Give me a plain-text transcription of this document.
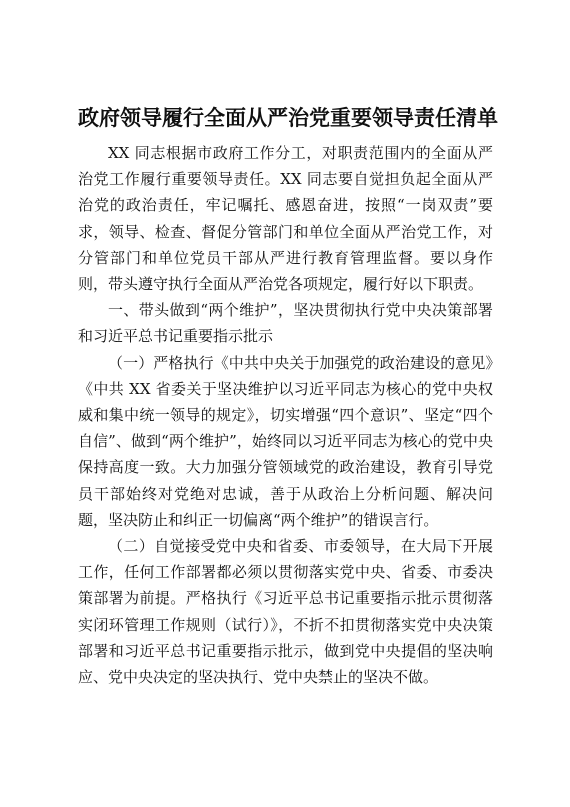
政府领导履行全面从严治党重要领导责任清单

XX 同志根据市政府工作分工，对职责范围内的全面从严治党工作履行重要领导责任。XX 同志要自觉担负起全面从严治党的政治责任，牢记嘱托、感恩奋进，按照“一岗双责”要求，领导、检查、督促分管部门和单位全面从严治党工作，对分管部门和单位党员干部从严进行教育管理监督。要以身作则，带头遵守执行全面从严治党各项规定，履行好以下职责。

一、带头做到“两个维护”，坚决贯彻执行党中央决策部署和习近平总书记重要指示批示

（一）严格执行《中共中央关于加强党的政治建设的意见》《中共 XX 省委关于坚决维护以习近平同志为核心的党中央权威和集中统一领导的规定》，切实增强“四个意识”、坚定“四个自信”、做到“两个维护”，始终同以习近平同志为核心的党中央保持高度一致。大力加强分管领域党的政治建设，教育引导党员干部始终对党绝对忠诚，善于从政治上分析问题、解决问题，坚决防止和纠正一切偏离“两个维护”的错误言行。

（二）自觉接受党中央和省委、市委领导，在大局下开展工作，任何工作部署都必须以贯彻落实党中央、省委、市委决策部署为前提。严格执行《习近平总书记重要指示批示贯彻落实闭环管理工作规则（试行）》，不折不扣贯彻落实党中央决策部署和习近平总书记重要指示批示，做到党中央提倡的坚决响应、党中央决定的坚决执行、党中央禁止的坚决不做。
